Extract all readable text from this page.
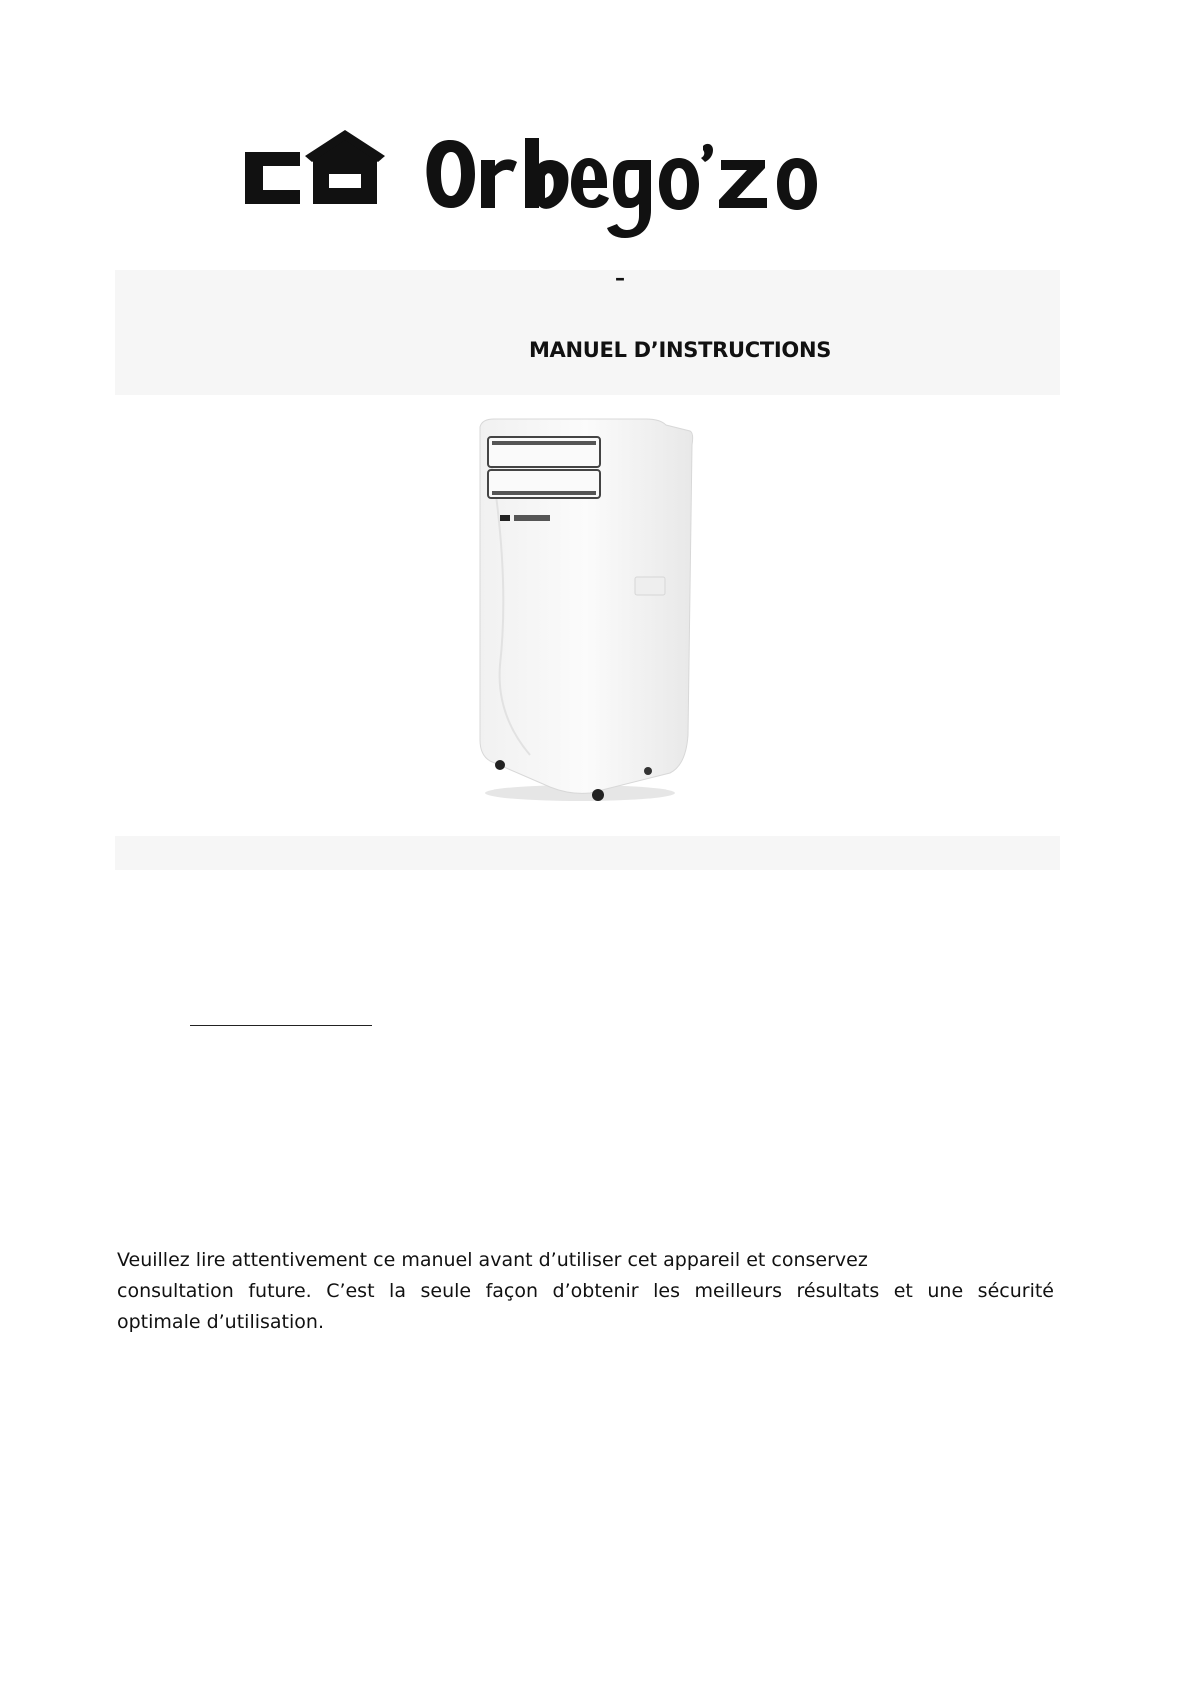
–

MANUEL D’INSTRUCTIONS

Veuillez lire attentivement ce manuel avant d’utiliser cet appareil et conservez
consultation future. C’est la seule façon d’obtenir les meilleurs résultats et une sécurité
optimale d’utilisation.
